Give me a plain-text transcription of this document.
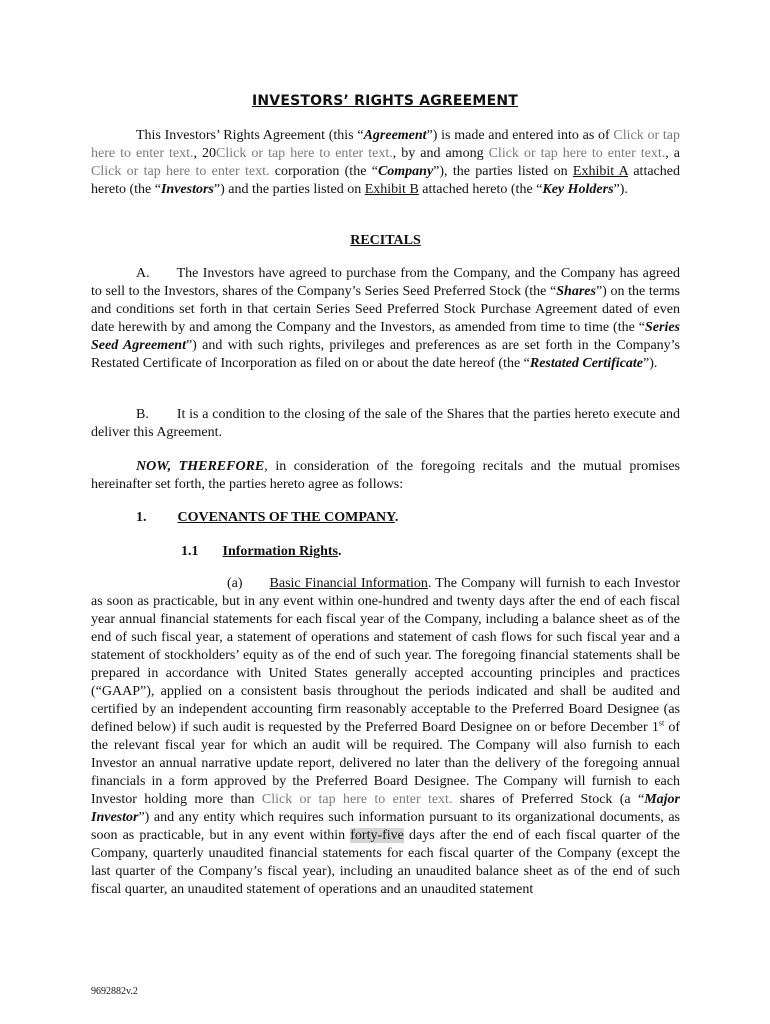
INVESTORS’ RIGHTS AGREEMENT
This Investors’ Rights Agreement (this “Agreement”) is made and entered into as of Click or tap here to enter text., 20Click or tap here to enter text., by and among Click or tap here to enter text., a Click or tap here to enter text. corporation (the “Company”), the parties listed on Exhibit A attached hereto (the “Investors”) and the parties listed on Exhibit B attached hereto (the “Key Holders”).
RECITALS
A. The Investors have agreed to purchase from the Company, and the Company has agreed to sell to the Investors, shares of the Company’s Series Seed Preferred Stock (the “Shares”) on the terms and conditions set forth in that certain Series Seed Preferred Stock Purchase Agreement dated of even date herewith by and among the Company and the Investors, as amended from time to time (the “Series Seed Agreement”) and with such rights, privileges and preferences as are set forth in the Company’s Restated Certificate of Incorporation as filed on or about the date hereof (the “Restated Certificate”).
B. It is a condition to the closing of the sale of the Shares that the parties hereto execute and deliver this Agreement.
NOW, THEREFORE, in consideration of the foregoing recitals and the mutual promises hereinafter set forth, the parties hereto agree as follows:
1. COVENANTS OF THE COMPANY.
1.1 Information Rights.
(a) Basic Financial Information. The Company will furnish to each Investor as soon as practicable, but in any event within one-hundred and twenty days after the end of each fiscal year annual financial statements for each fiscal year of the Company, including a balance sheet as of the end of such fiscal year, a statement of operations and statement of cash flows for such fiscal year and a statement of stockholders’ equity as of the end of such year. The foregoing financial statements shall be prepared in accordance with United States generally accepted accounting principles and practices (“GAAP”), applied on a consistent basis throughout the periods indicated and shall be audited and certified by an independent accounting firm reasonably acceptable to the Preferred Board Designee (as defined below) if such audit is requested by the Preferred Board Designee on or before December 1st of the relevant fiscal year for which an audit will be required. The Company will also furnish to each Investor an annual narrative update report, delivered no later than the delivery of the foregoing annual financials in a form approved by the Preferred Board Designee. The Company will furnish to each Investor holding more than Click or tap here to enter text. shares of Preferred Stock (a “Major Investor”) and any entity which requires such information pursuant to its organizational documents, as soon as practicable, but in any event within forty-five days after the end of each fiscal quarter of the Company, quarterly unaudited financial statements for each fiscal quarter of the Company (except the last quarter of the Company’s fiscal year), including an unaudited balance sheet as of the end of such fiscal quarter, an unaudited statement of operations and an unaudited statement
9692882v.2
